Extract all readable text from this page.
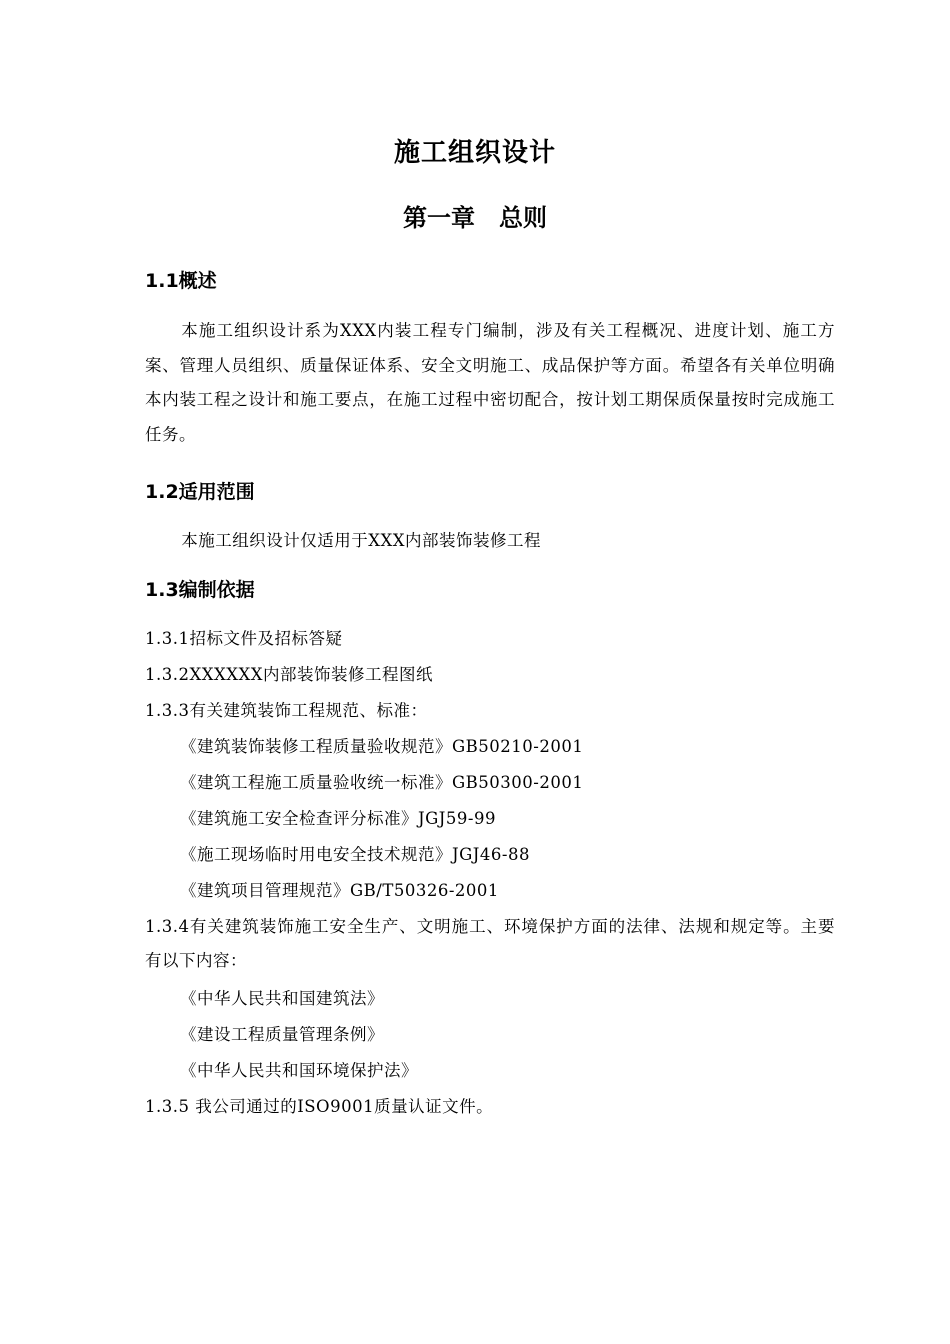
施工组织设计
第一章　总则
1.1概述
本施工组织设计系为XXX内装工程专门编制，涉及有关工程概况、进度计划、施工方案、管理人员组织、质量保证体系、安全文明施工、成品保护等方面。希望各有关单位明确本内装工程之设计和施工要点，在施工过程中密切配合，按计划工期保质保量按时完成施工任务。
1.2适用范围
本施工组织设计仅适用于XXX内部装饰装修工程
1.3编制依据
1.3.1招标文件及招标答疑
1.3.2XXXXXX内部装饰装修工程图纸
1.3.3有关建筑装饰工程规范、标准：
《建筑装饰装修工程质量验收规范》GB50210-2001
《建筑工程施工质量验收统一标准》GB50300-2001
《建筑施工安全检查评分标准》JGJ59-99
《施工现场临时用电安全技术规范》JGJ46-88
《建筑项目管理规范》GB/T50326-2001
1.3.4有关建筑装饰施工安全生产、文明施工、环境保护方面的法律、法规和规定等。主要有以下内容：
《中华人民共和国建筑法》
《建设工程质量管理条例》
《中华人民共和国环境保护法》
1.3.5 我公司通过的ISO9001质量认证文件。
